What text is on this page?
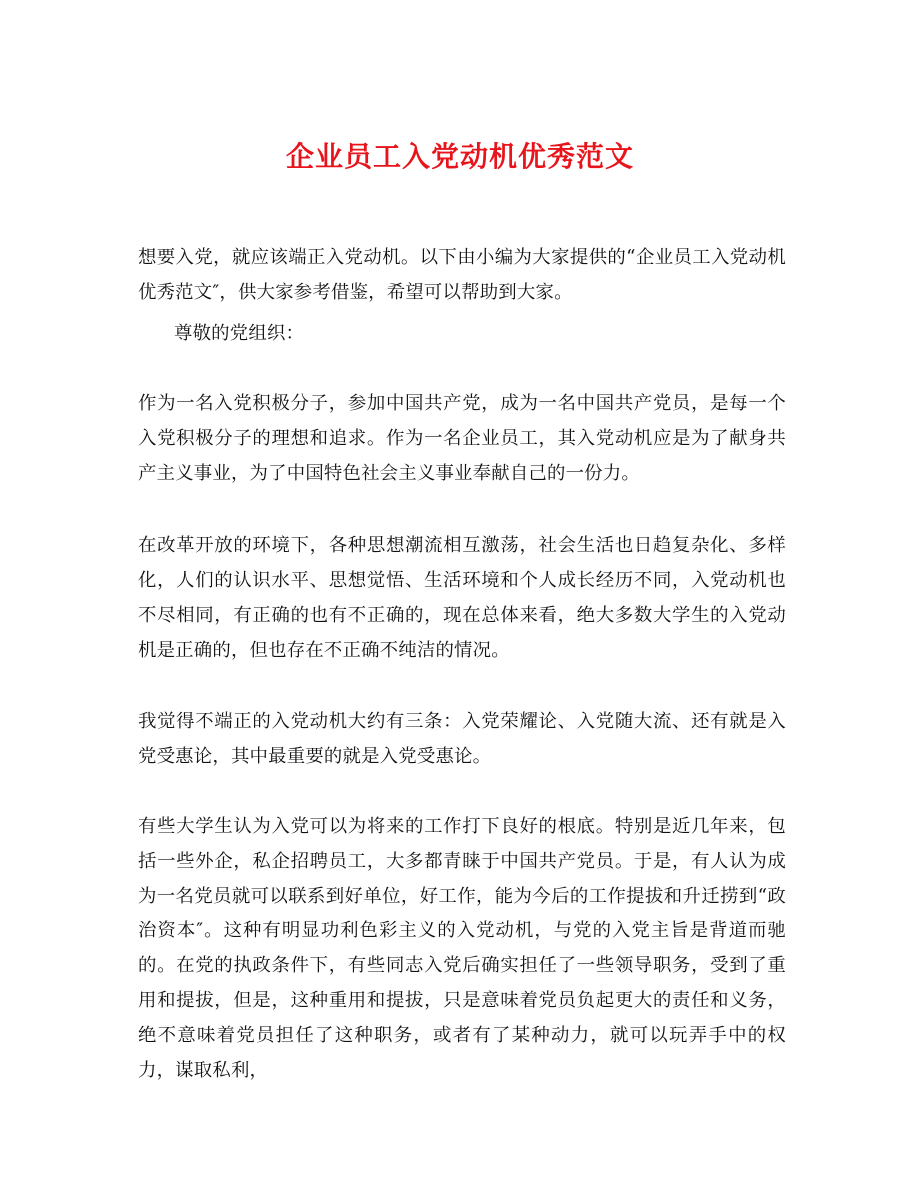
企业员工入党动机优秀范文

想要入党，就应该端正入党动机。以下由小编为大家提供的“企业员工入党动机优秀范文″，供大家参考借鉴，希望可以帮助到大家。

尊敬的党组织：

作为一名入党积极分子，参加中国共产党，成为一名中国共产党员，是每一个入党积极分子的理想和追求。作为一名企业员工，其入党动机应是为了献身共产主义事业，为了中国特色社会主义事业奉献自己的一份力。

在改革开放的环境下，各种思想潮流相互激荡，社会生活也日趋复杂化、多样化，人们的认识水平、思想觉悟、生活环境和个人成长经历不同，入党动机也不尽相同，有正确的也有不正确的，现在总体来看，绝大多数大学生的入党动机是正确的，但也存在不正确不纯洁的情况。

我觉得不端正的入党动机大约有三条：入党荣耀论、入党随大流、还有就是入党受惠论，其中最重要的就是入党受惠论。

有些大学生认为入党可以为将来的工作打下良好的根底。特别是近几年来，包括一些外企，私企招聘员工，大多都青睐于中国共产党员。于是，有人认为成为一名党员就可以联系到好单位，好工作，能为今后的工作提拔和升迁捞到“政治资本″。这种有明显功利色彩主义的入党动机，与党的入党主旨是背道而驰的。在党的执政条件下，有些同志入党后确实担任了一些领导职务，受到了重用和提拔，但是，这种重用和提拔，只是意味着党员负起更大的责任和义务，绝不意味着党员担任了这种职务，或者有了某种动力，就可以玩弄手中的权力，谋取私利，
